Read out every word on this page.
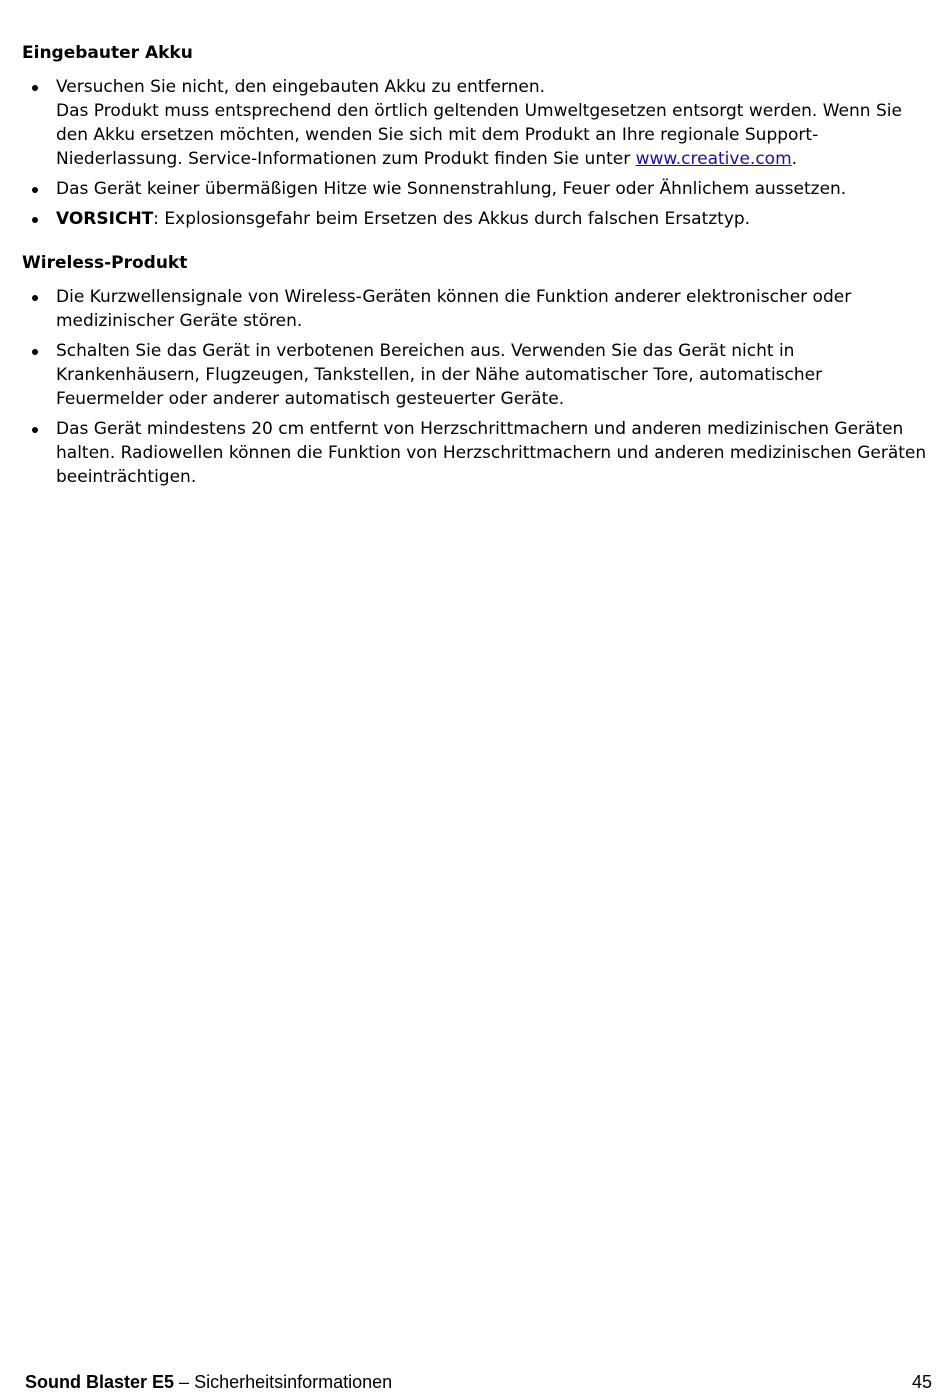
Eingebauter Akku
Versuchen Sie nicht, den eingebauten Akku zu entfernen.
Das Produkt muss entsprechend den örtlich geltenden Umweltgesetzen entsorgt werden. Wenn Sie den Akku ersetzen möchten, wenden Sie sich mit dem Produkt an Ihre regionale Support-Niederlassung. Service-Informationen zum Produkt finden Sie unter www.creative.com.
Das Gerät keiner übermäßigen Hitze wie Sonnenstrahlung, Feuer oder Ähnlichem aussetzen.
VORSICHT: Explosionsgefahr beim Ersetzen des Akkus durch falschen Ersatztyp.
Wireless-Produkt
Die Kurzwellensignale von Wireless-Geräten können die Funktion anderer elektronischer oder medizinischer Geräte stören.
Schalten Sie das Gerät in verbotenen Bereichen aus. Verwenden Sie das Gerät nicht in Krankenhäusern, Flugzeugen, Tankstellen, in der Nähe automatischer Tore, automatischer Feuermelder oder anderer automatisch gesteuerter Geräte.
Das Gerät mindestens 20 cm entfernt von Herzschrittmachern und anderen medizinischen Geräten halten. Radiowellen können die Funktion von Herzschrittmachern und anderen medizinischen Geräten beeinträchtigen.
Sound Blaster E5 – Sicherheitsinformationen	45
